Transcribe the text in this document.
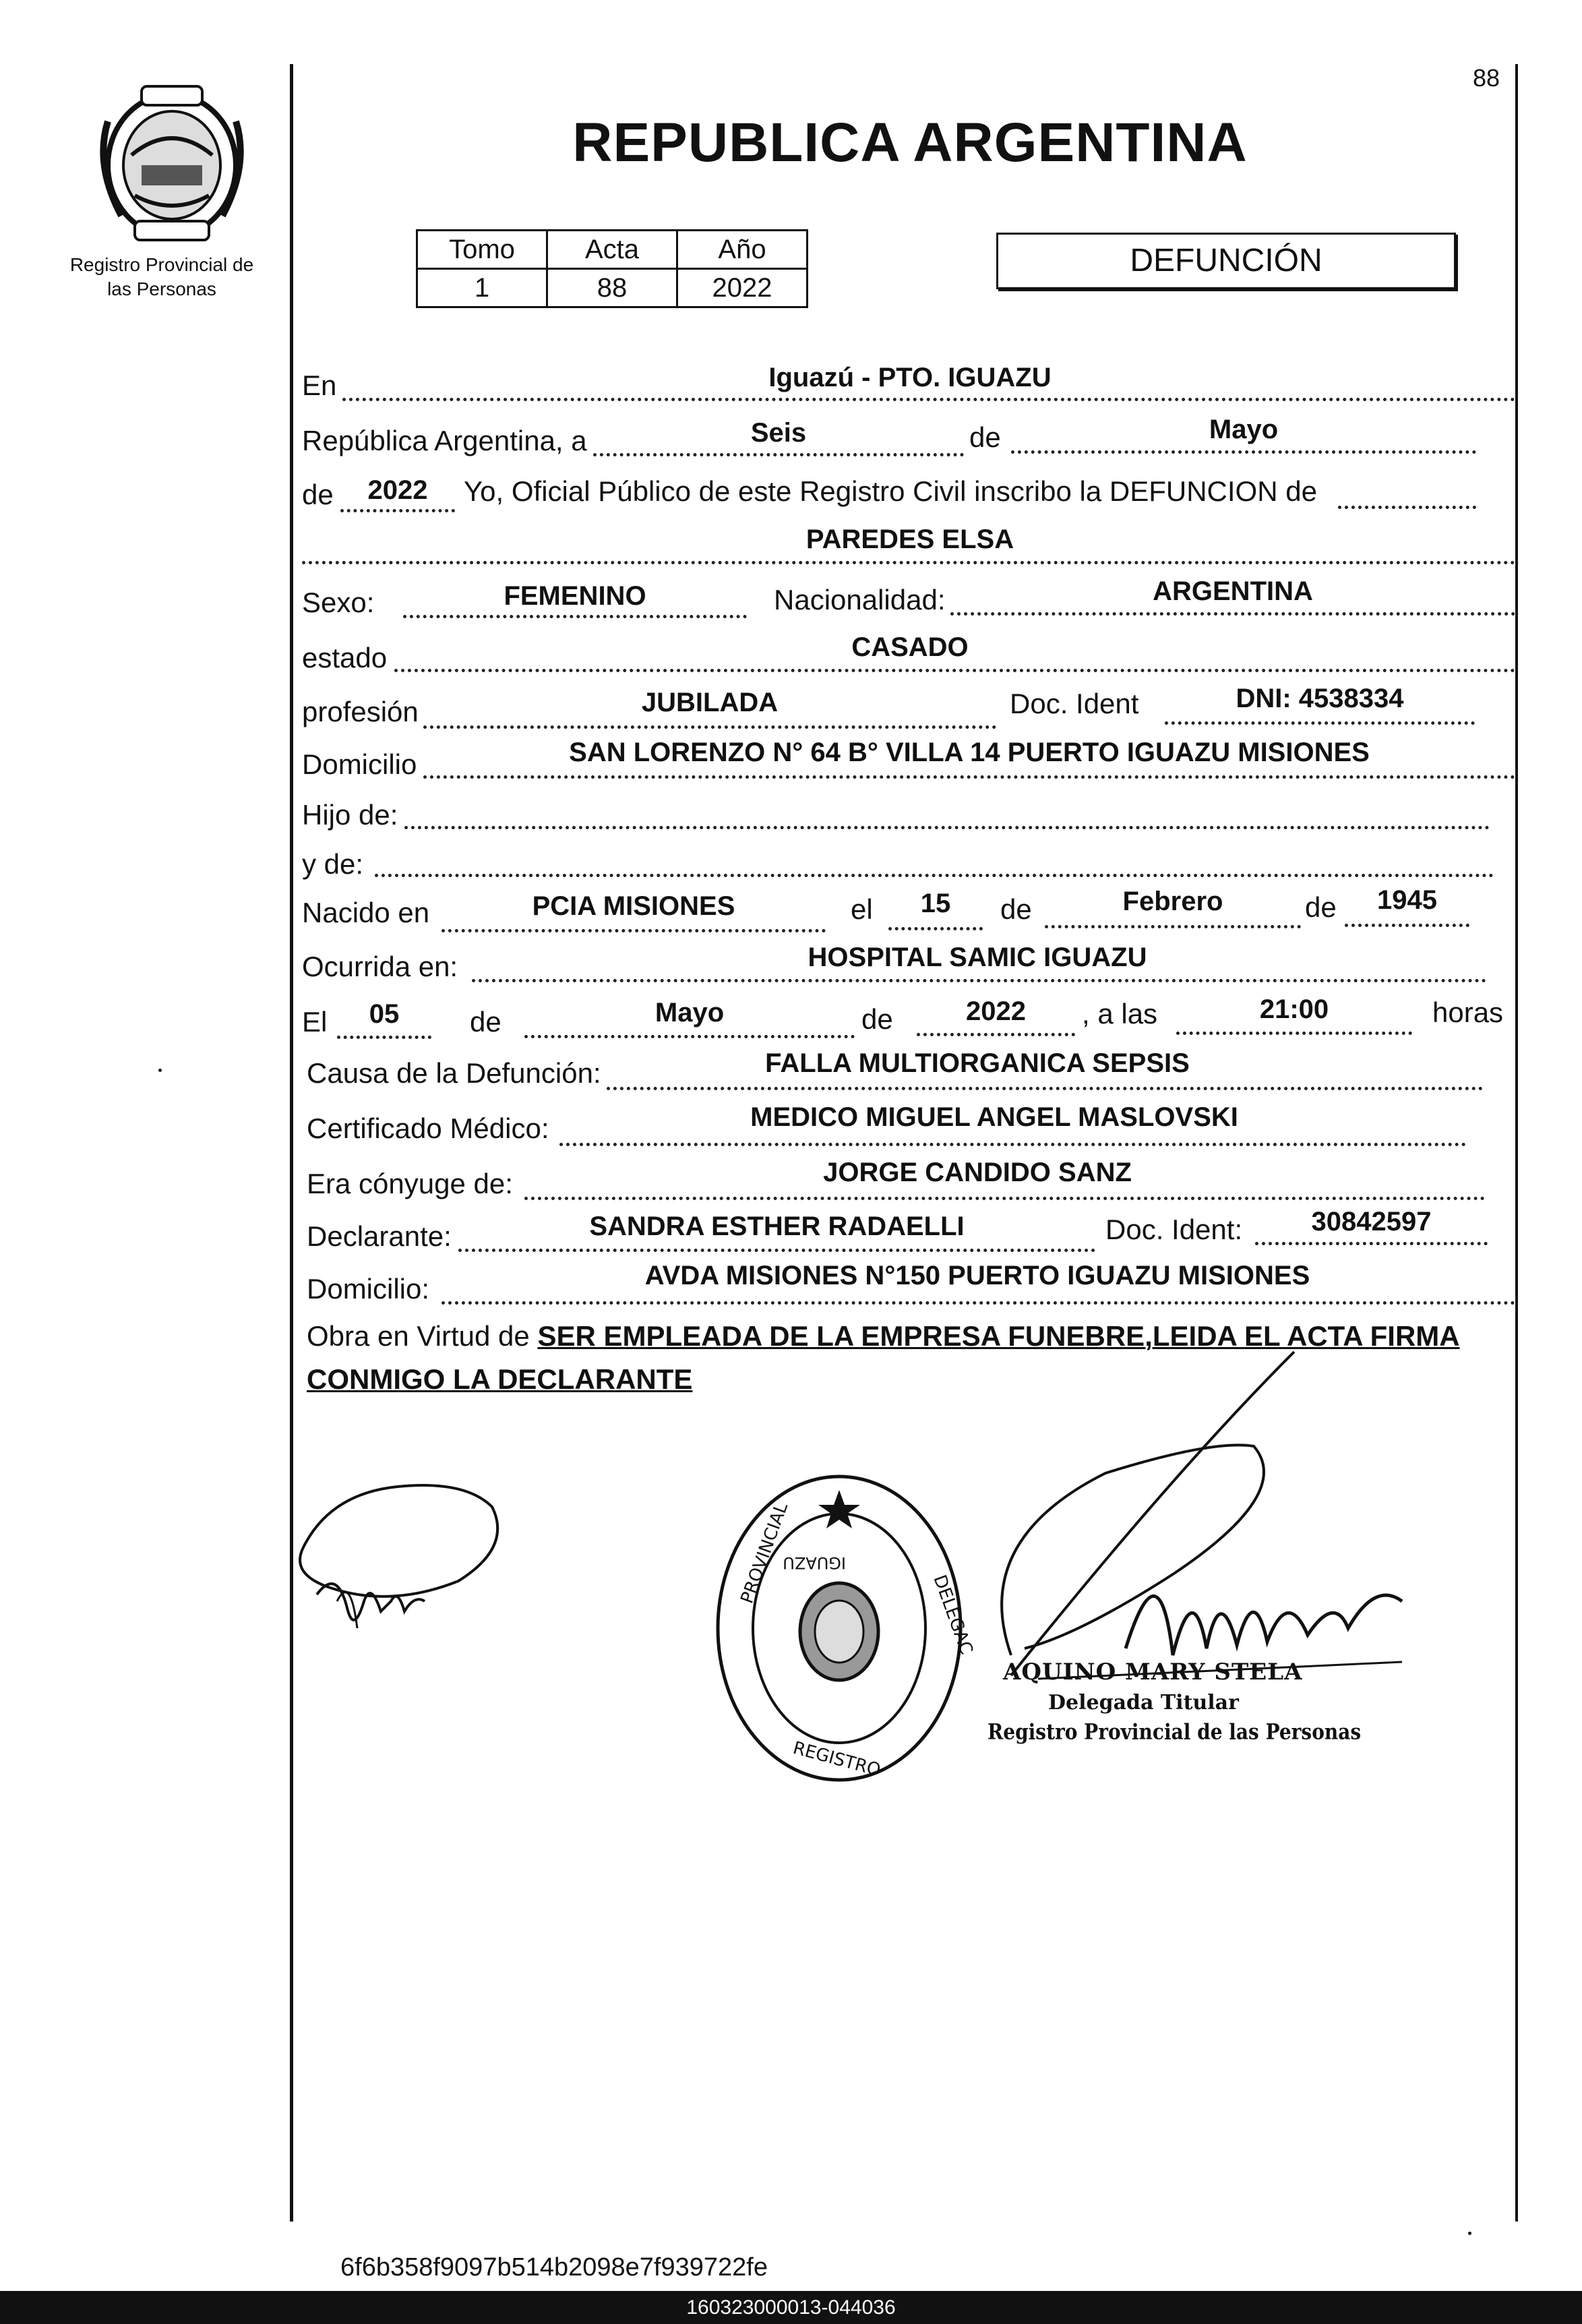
88
Registro Provincial de
las Personas
REPUBLICA ARGENTINA
Tomo	Acta	Año
1	88	2022
DEFUNCIÓN
En	Iguazú - PTO. IGUAZU
República Argentina, a	Seis	de	Mayo
de	2022	Yo, Oficial Público de este Registro Civil inscribo la DEFUNCION de
PAREDES ELSA
Sexo:	FEMENINO	Nacionalidad:	ARGENTINA
estado	CASADO
profesión	JUBILADA	Doc. Ident	DNI: 4538334
Domicilio	SAN LORENZO N° 64 B° VILLA 14 PUERTO IGUAZU MISIONES
Hijo de:
y de:
Nacido en	PCIA MISIONES	el	15	de	Febrero	de	1945
Ocurrida en:	HOSPITAL SAMIC IGUAZU
El	05	de	Mayo	de	2022	, a las	21:00	horas
Causa de la Defunción:	FALLA MULTIORGANICA SEPSIS
Certificado Médico:	MEDICO MIGUEL ANGEL MASLOVSKI
Era cónyuge de:	JORGE CANDIDO SANZ
Declarante:	SANDRA ESTHER RADAELLI	Doc. Ident:	30842597
Domicilio:	AVDA MISIONES N°150 PUERTO IGUAZU MISIONES
Obra en Virtud de SER EMPLEADA DE LA EMPRESA FUNEBRE,LEIDA EL ACTA FIRMA
CONMIGO LA DECLARANTE
PROVINCIAL
DELEGAC
IGUAZU
REGISTRO
AQUINO MARY STELA
Delegada Titular
Registro Provincial de las Personas
6f6b358f9097b514b2098e7f939722fe
160323000013-044036
